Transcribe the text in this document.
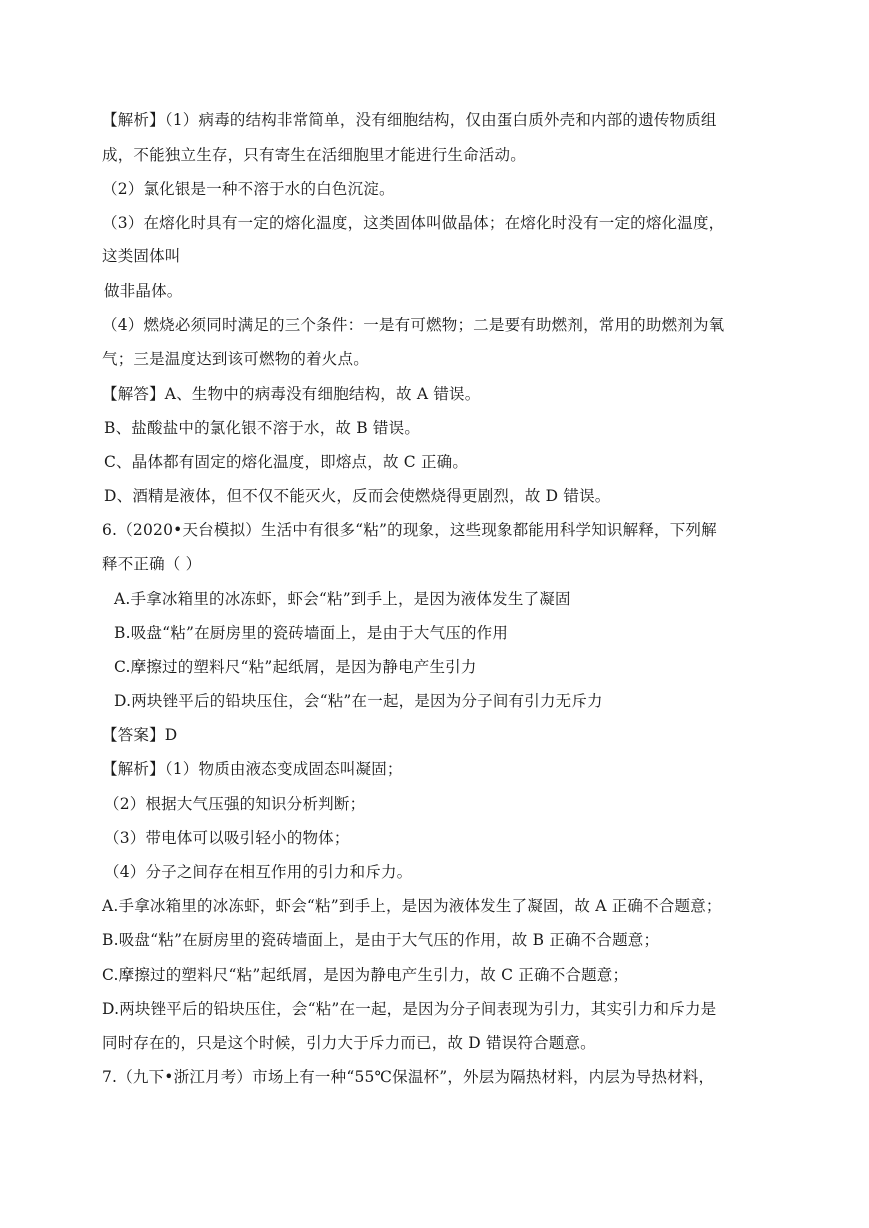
【解析】（1）病毒的结构非常简单，没有细胞结构，仅由蛋白质外壳和内部的遗传物质组
成，不能独立生存，只有寄生在活细胞里才能进行生命活动。
（2）氯化银是一种不溶于水的白色沉淀。
（3）在熔化时具有一定的熔化温度，这类固体叫做晶体；在熔化时没有一定的熔化温度，
这类固体叫
做非晶体。
（4）燃烧必须同时满足的三个条件：一是有可燃物；二是要有助燃剂，常用的助燃剂为氧
气；三是温度达到该可燃物的着火点。
【解答】A、生物中的病毒没有细胞结构，故 A 错误。
B、盐酸盐中的氯化银不溶于水，故 B 错误。
C、晶体都有固定的熔化温度，即熔点，故 C 正确。
D、酒精是液体，但不仅不能灭火，反而会使燃烧得更剧烈，故 D 错误。
6.（2020•天台模拟）生活中有很多“粘”的现象，这些现象都能用科学知识解释，下列解
释不正确（ ）
A.手拿冰箱里的冰冻虾，虾会“粘”到手上，是因为液体发生了凝固
B.吸盘“粘”在厨房里的瓷砖墙面上，是由于大气压的作用
C.摩擦过的塑料尺“粘”起纸屑，是因为静电产生引力
D.两块锉平后的铅块压住，会“粘”在一起，是因为分子间有引力无斥力
【答案】D
【解析】（1）物质由液态变成固态叫凝固；
（2）根据大气压强的知识分析判断；
（3）带电体可以吸引轻小的物体；
（4）分子之间存在相互作用的引力和斥力。
A.手拿冰箱里的冰冻虾，虾会“粘”到手上，是因为液体发生了凝固，故 A 正确不合题意；
B.吸盘“粘”在厨房里的瓷砖墙面上，是由于大气压的作用，故 B 正确不合题意；
C.摩擦过的塑料尺“粘”起纸屑，是因为静电产生引力，故 C 正确不合题意；
D.两块锉平后的铅块压住，会“粘”在一起，是因为分子间表现为引力，其实引力和斥力是
同时存在的，只是这个时候，引力大于斥力而已，故 D 错误符合题意。
7.（九下•浙江月考）市场上有一种“55℃保温杯”，外层为隔热材料，内层为导热材料，
